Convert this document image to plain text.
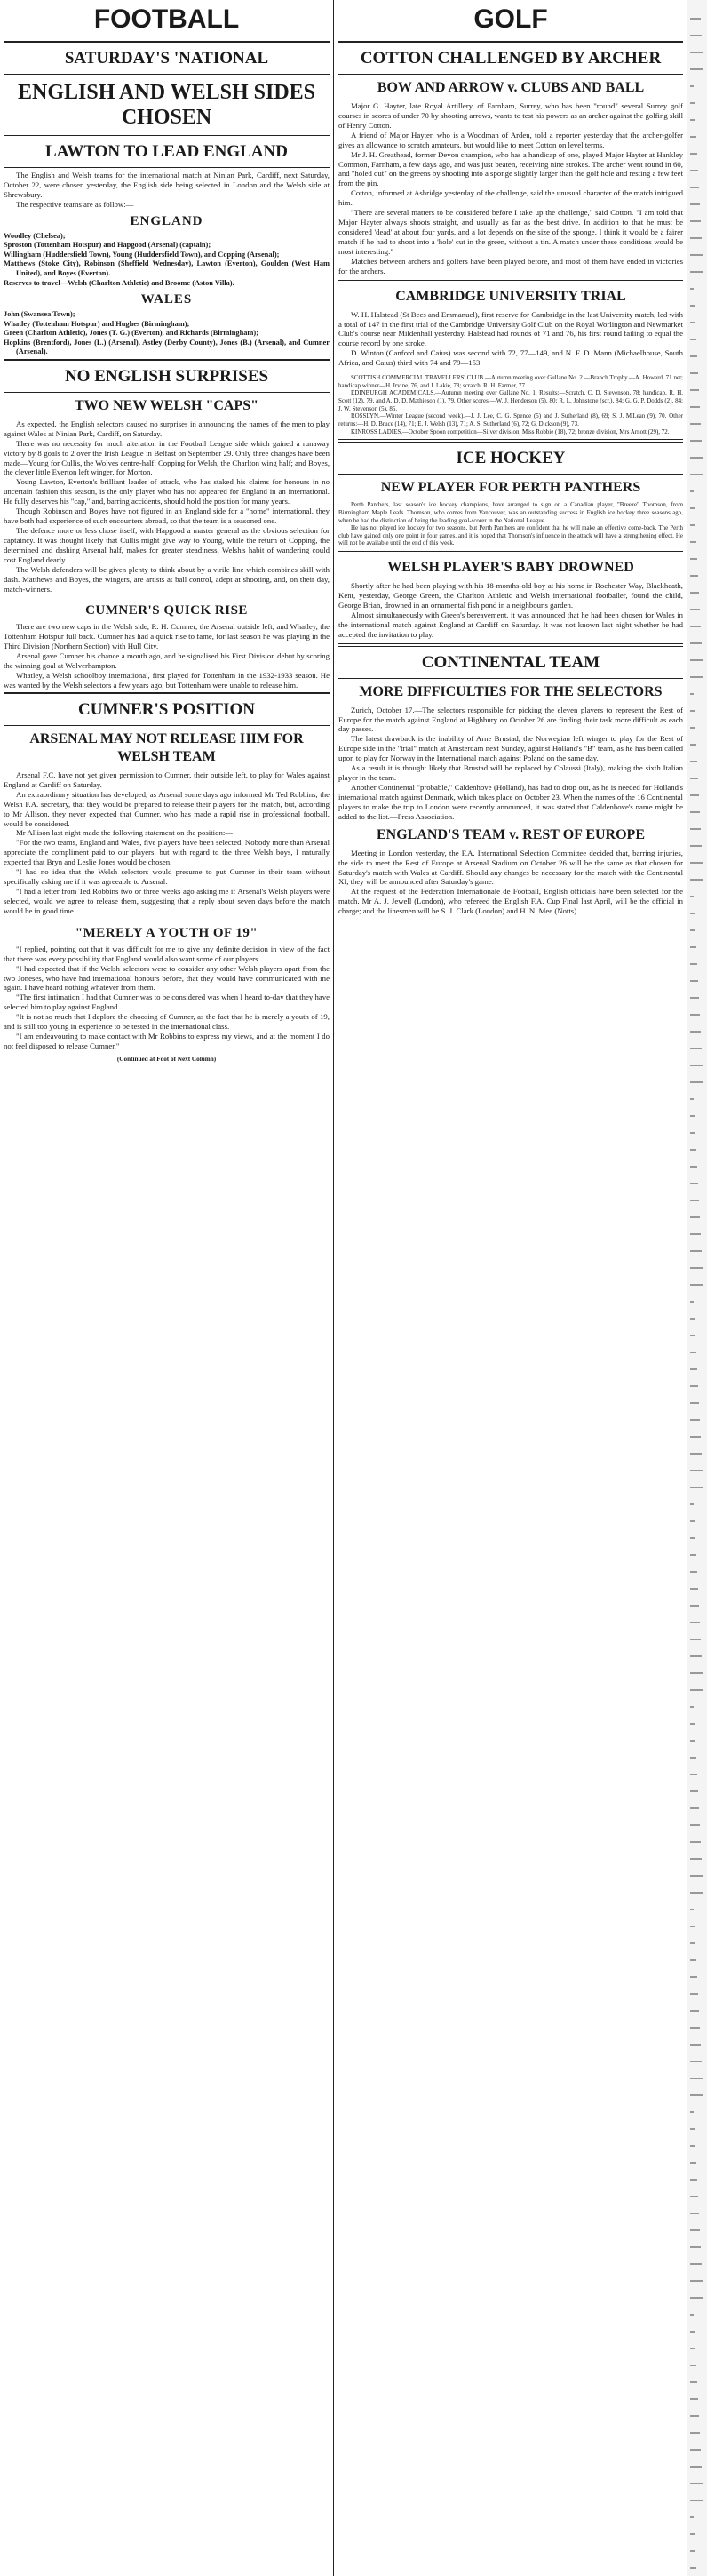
FOOTBALL
SATURDAY'S 'NATIONAL
ENGLISH AND WELSH SIDES CHOSEN
LAWTON TO LEAD ENGLAND

The English and Welsh teams for the international match at Ninian Park, Cardiff, next Saturday, October 22, were chosen yesterday, the English side being selected in London and the Welsh side at Shrewsbury.

The respective teams are as follow:—

ENGLAND

Woodley (Chelsea);

Sproston (Tottenham Hotspur) and Hapgood (Arsenal) (captain);

Willingham (Huddersfield Town), Young (Huddersfield Town), and Copping (Arsenal);

Matthews (Stoke City), Robinson (Sheffield Wednesday), Lawton (Everton), Goulden (West Ham United), and Boyes (Everton).

Reserves to travel—Welsh (Charlton Athletic) and Broome (Aston Villa).

WALES

John (Swansea Town);

Whatley (Tottenham Hotspur) and Hughes (Birmingham);

Green (Charlton Athletic), Jones (T. G.) (Everton), and Richards (Birmingham);

Hopkins (Brentford), Jones (L.) (Arsenal), Astley (Derby County), Jones (B.) (Arsenal), and Cumner (Arsenal).

NO ENGLISH SURPRISES
TWO NEW WELSH "CAPS"

As expected, the English selectors caused no surprises in announcing the names of the men to play against Wales at Ninian Park, Cardiff, on Saturday.

There was no necessity for much alteration in the Football League side which gained a runaway victory by 8 goals to 2 over the Irish League in Belfast on September 29. Only three changes have been made—Young for Cullis, the Wolves centre-half; Copping for Welsh, the Charlton wing half; and Boyes, the clever little Everton left winger, for Morton.

Young Lawton, Everton's brilliant leader of attack, who has staked his claims for honours in no uncertain fashion this season, is the only player who has not appeared for England in an international. He fully deserves his "cap," and, barring accidents, should hold the position for many years.

Though Robinson and Boyes have not figured in an England side for a "home" international, they have both had experience of such encounters abroad, so that the team is a seasoned one.

The defence more or less chose itself, with Hapgood a master general as the obvious selection for captaincy. It was thought likely that Cullis might give way to Young, while the return of Copping, the determined and dashing Arsenal half, makes for greater steadiness. Welsh's habit of wandering could cost England dearly.

The Welsh defenders will be given plenty to think about by a virile line which combines skill with dash. Matthews and Boyes, the wingers, are artists at ball control, adept at shooting, and, on their day, match-winners.

CUMNER'S QUICK RISE

There are two new caps in the Welsh side, R. H. Cumner, the Arsenal outside left, and Whatley, the Tottenham Hotspur full back. Cumner has had a quick rise to fame, for last season he was playing in the Third Division (Northern Section) with Hull City.

Arsenal gave Cumner his chance a month ago, and he signalised his First Division debut by scoring the winning goal at Wolverhampton.

Whatley, a Welsh schoolboy international, first played for Tottenham in the 1932-1933 season. He was wanted by the Welsh selectors a few years ago, but Tottenham were unable to release him.

CUMNER'S POSITION
ARSENAL MAY NOT RELEASE HIM FOR WELSH TEAM

Arsenal F.C. have not yet given permission to Cumner, their outside left, to play for Wales against England at Cardiff on Saturday.

An extraordinary situation has developed, as Arsenal some days ago informed Mr Ted Robbins, the Welsh F.A. secretary, that they would be prepared to release their players for the match, but, according to Mr Allison, they never expected that Cumner, who has made a rapid rise in professional football, would be considered.

Mr Allison last night made the following statement on the position:—

"For the two teams, England and Wales, five players have been selected. Nobody more than Arsenal appreciate the compliment paid to our players, but with regard to the three Welsh boys, I naturally expected that Bryn and Leslie Jones would be chosen.

"I had no idea that the Welsh selectors would presume to put Cumner in their team without specifically asking me if it was agreeable to Arsenal.

"I had a letter from Ted Robbins two or three weeks ago asking me if Arsenal's Welsh players were selected, would we agree to release them, suggesting that a reply about seven days before the match would be in good time.

"MERELY A YOUTH OF 19"

"I replied, pointing out that it was difficult for me to give any definite decision in view of the fact that there was every possibility that England would also want some of our players.

"I had expected that if the Welsh selectors were to consider any other Welsh players apart from the two Joneses, who have had international honours before, that they would have communicated with me again. I have heard nothing whatever from them.

"The first intimation I had that Cumner was to be considered was when I heard to-day that they have selected him to play against England.

"It is not so much that I deplore the choosing of Cumner, as the fact that he is merely a youth of 19, and is still too young in experience to be tested in the international class.

"I am endeavouring to make contact with Mr Robbins to express my views, and at the moment I do not feel disposed to release Cumner."

(Continued at Foot of Next Column)

GOLF
COTTON CHALLENGED BY ARCHER
BOW AND ARROW v. CLUBS AND BALL

Major G. Hayter, late Royal Artillery, of Farnham, Surrey, who has been "round" several Surrey golf courses in scores of under 70 by shooting arrows, wants to test his powers as an archer against the golfing skill of Henry Cotton.

A friend of Major Hayter, who is a Woodman of Arden, told a reporter yesterday that the archer-golfer gives an allowance to scratch amateurs, but would like to meet Cotton on level terms.

Mr J. H. Greathead, former Devon champion, who has a handicap of one, played Major Hayter at Hankley Common, Farnham, a few days ago, and was just beaten, receiving nine strokes. The archer went round in 60, and "holed out" on the greens by shooting into a sponge slightly larger than the golf hole and resting a few feet from the pin.

Cotton, informed at Ashridge yesterday of the challenge, said the unusual character of the match intrigued him.

"There are several matters to be considered before I take up the challenge," said Cotton. "I am told that Major Hayter always shoots straight, and usually as far as the best drive. In addition to that he must be considered 'dead' at about four yards, and a lot depends on the size of the sponge. I think it would be a fairer match if he had to shoot into a 'hole' cut in the green, without a tin. A match under these conditions would be most interesting."

Matches between archers and golfers have been played before, and most of them have ended in victories for the archers.

CAMBRIDGE UNIVERSITY TRIAL

W. H. Halstead (St Bees and Emmanuel), first reserve for Cambridge in the last University match, led with a total of 147 in the first trial of the Cambridge University Golf Club on the Royal Worlington and Newmarket Club's course near Mildenhall yesterday. Halstead had rounds of 71 and 76, his first round failing to equal the course record by one stroke.

D. Winton (Canford and Caius) was second with 72, 77—149, and N. F. D. Mann (Michaelhouse, South Africa, and Caius) third with 74 and 79—153.

SCOTTISH COMMERCIAL TRAVELLERS' CLUB.—Autumn meeting over Gullane No. 2.—Branch Trophy.—A. Howard, 71 net; handicap winner—H. Irvine, 76, and J. Lakie, 78; scratch, R. H. Farmer, 77.

EDINBURGH ACADEMICALS.—Autumn meeting over Gullane No. 1. Results:—Scratch, C. D. Stevenson, 78; handicap, R. H. Scott (12), 79, and A. D. D. Mathieson (1), 79. Other scores:—W. J. Henderson (5), 80; R. L. Johnstone (scr.), 84; G. G. P. Dodds (2), 84; J. W. Stevenson (5), 85.

ROSSLYN.—Winter League (second week).—J. J. Lee, C. G. Spence (5) and J. Sutherland (8), 69; S. J. M'Lean (9), 70. Other returns:—H. D. Bruce (14), 71; E. J. Welsh (13), 71; A. S. Sutherland (6), 72; G. Dickson (9), 73.

KINROSS LADIES.—October Spoon competition—Silver division, Miss Robbie (18), 72; bronze division, Mrs Arnott (29), 72.

ICE HOCKEY
NEW PLAYER FOR PERTH PANTHERS

Perth Panthers, last season's ice hockey champions, have arranged to sign on a Canadian player, "Breeze" Thomson, from Birmingham Maple Leafs. Thomson, who comes from Vancouver, was an outstanding success in English ice hockey three seasons ago, when he had the distinction of being the leading goal-scorer in the National League.

He has not played ice hockey for two seasons, but Perth Panthers are confident that he will make an effective come-back. The Perth club have gained only one point in four games, and it is hoped that Thomson's influence in the attack will have a strengthening effect. He will not be available until the end of this week.

WELSH PLAYER'S BABY DROWNED

Shortly after he had been playing with his 18-months-old boy at his home in Rochester Way, Blackheath, Kent, yesterday, George Green, the Charlton Athletic and Welsh international footballer, found the child, George Brian, drowned in an ornamental fish pond in a neighbour's garden.

Almost simultaneously with Green's bereavement, it was announced that he had been chosen for Wales in the international match against England at Cardiff on Saturday. It was not known last night whether he had accepted the invitation to play.

CONTINENTAL TEAM
MORE DIFFICULTIES FOR THE SELECTORS

Zurich, October 17.—The selectors responsible for picking the eleven players to represent the Rest of Europe for the match against England at Highbury on October 26 are finding their task more difficult as each day passes.

The latest drawback is the inability of Arne Brustad, the Norwegian left winger to play for the Rest of Europe side in the "trial" match at Amsterdam next Sunday, against Holland's "B" team, as he has been called upon to play for Norway in the International match against Poland on the same day.

As a result it is thought likely that Brustad will be replaced by Colaussi (Italy), making the sixth Italian player in the team.

Another Continental "probable," Caldenhove (Holland), has had to drop out, as he is needed for Holland's international match against Denmark, which takes place on October 23. When the names of the 16 Continental players to make the trip to London were recently announced, it was stated that Caldenhove's name might be added to the list.—Press Association.

ENGLAND'S TEAM v. REST OF EUROPE

Meeting in London yesterday, the F.A. International Selection Committee decided that, barring injuries, the side to meet the Rest of Europe at Arsenal Stadium on October 26 will be the same as that chosen for Saturday's match with Wales at Cardiff. Should any changes be necessary for the match with the Continental XI, they will be announced after Saturday's game.

At the request of the Federation Internationale de Football, English officials have been selected for the match. Mr A. J. Jewell (London), who refereed the English F.A. Cup Final last April, will be the official in charge; and the linesmen will be S. J. Clark (London) and H. N. Mee (Notts).
